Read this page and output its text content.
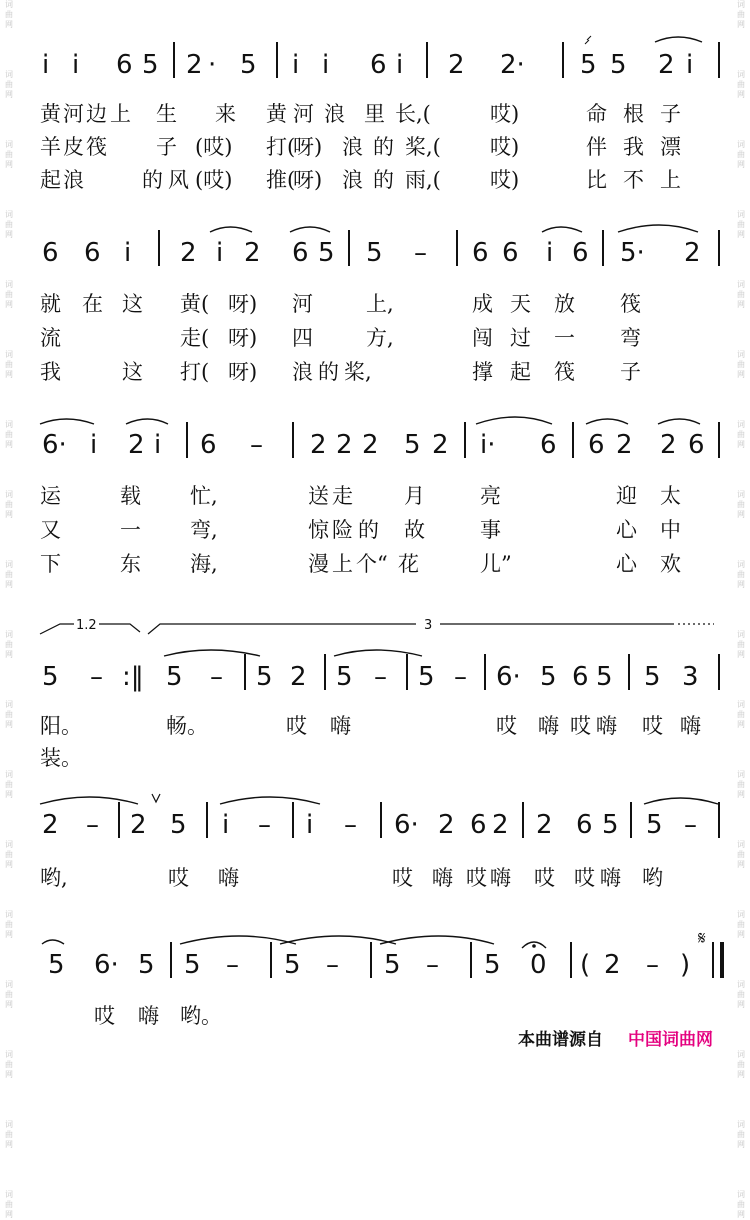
词
曲
网
词
曲
网
词
曲
网
词
曲
网
词
曲
网
词
曲
网
词
曲
网
词
曲
网
词
曲
网
词
曲
网
词
曲
网
词
曲
网
词
曲
网
词
曲
网
词
曲
网
词
曲
网
词
曲
网
词
曲
网
词
曲
网
词
曲
网
词
曲
网
词
曲
网
词
曲
网
词
曲
网
词
曲
网
词
曲
网
词
曲
网
词
曲
网
词
曲
网
词
曲
网
词
曲
网
词
曲
网
词
曲
网
词
曲
网
词
曲
网
词
曲
网
i i 6 5 2 · 5 i i 6 i 2 2· 5 5 2 i
黄 河 边 上 生 来 黄 河 浪 里 长,(	哎)	命 根 子
羊 皮 筏 子 (哎) 打(
呀) 浪 的 桨,( 哎)	伴 我 漂
起 浪	的 风 (哎) 推(
呀) 浪 的 雨,( 哎)	比 不 上
6 6 i 2 i 2 6 5 5 – 6 6 i 6 5· 2
就 在 这 黄( 呀) 河	上,	成 天 放 筏
流	走( 呀) 四	方,	闯 过 一 弯
我	这 打( 呀) 浪 的 桨,	撑 起 筏 子
6· i 2 i 6 – 2 2 2 5 2 i· 6 6 2 2 6
运	载 忙,	送 走 月	亮	迎 太
又	一 弯,	惊 险 的 故	事	心 中
下	东 海,	漫 上 个“ 花	儿”	心 欢
1.2	3
5 – :‖ 5 – 5 2 5 – 5 – 6· 5 6 5 5 3
阳。	畅。	哎 嗨	哎 嗨 哎 嗨 哎 嗨
装。
2 – 2 5 i – i – 6· 2 6 2 2 6 5 5 –
哟,	哎 嗨	哎 嗨 哎 嗨 哎 哎 嗨 哟
5 6· 5 5 – 5 – 5 – 5 0 ( 2 – )
𝄋
哎 嗨 哟。
本曲谱源自 中国词曲网
